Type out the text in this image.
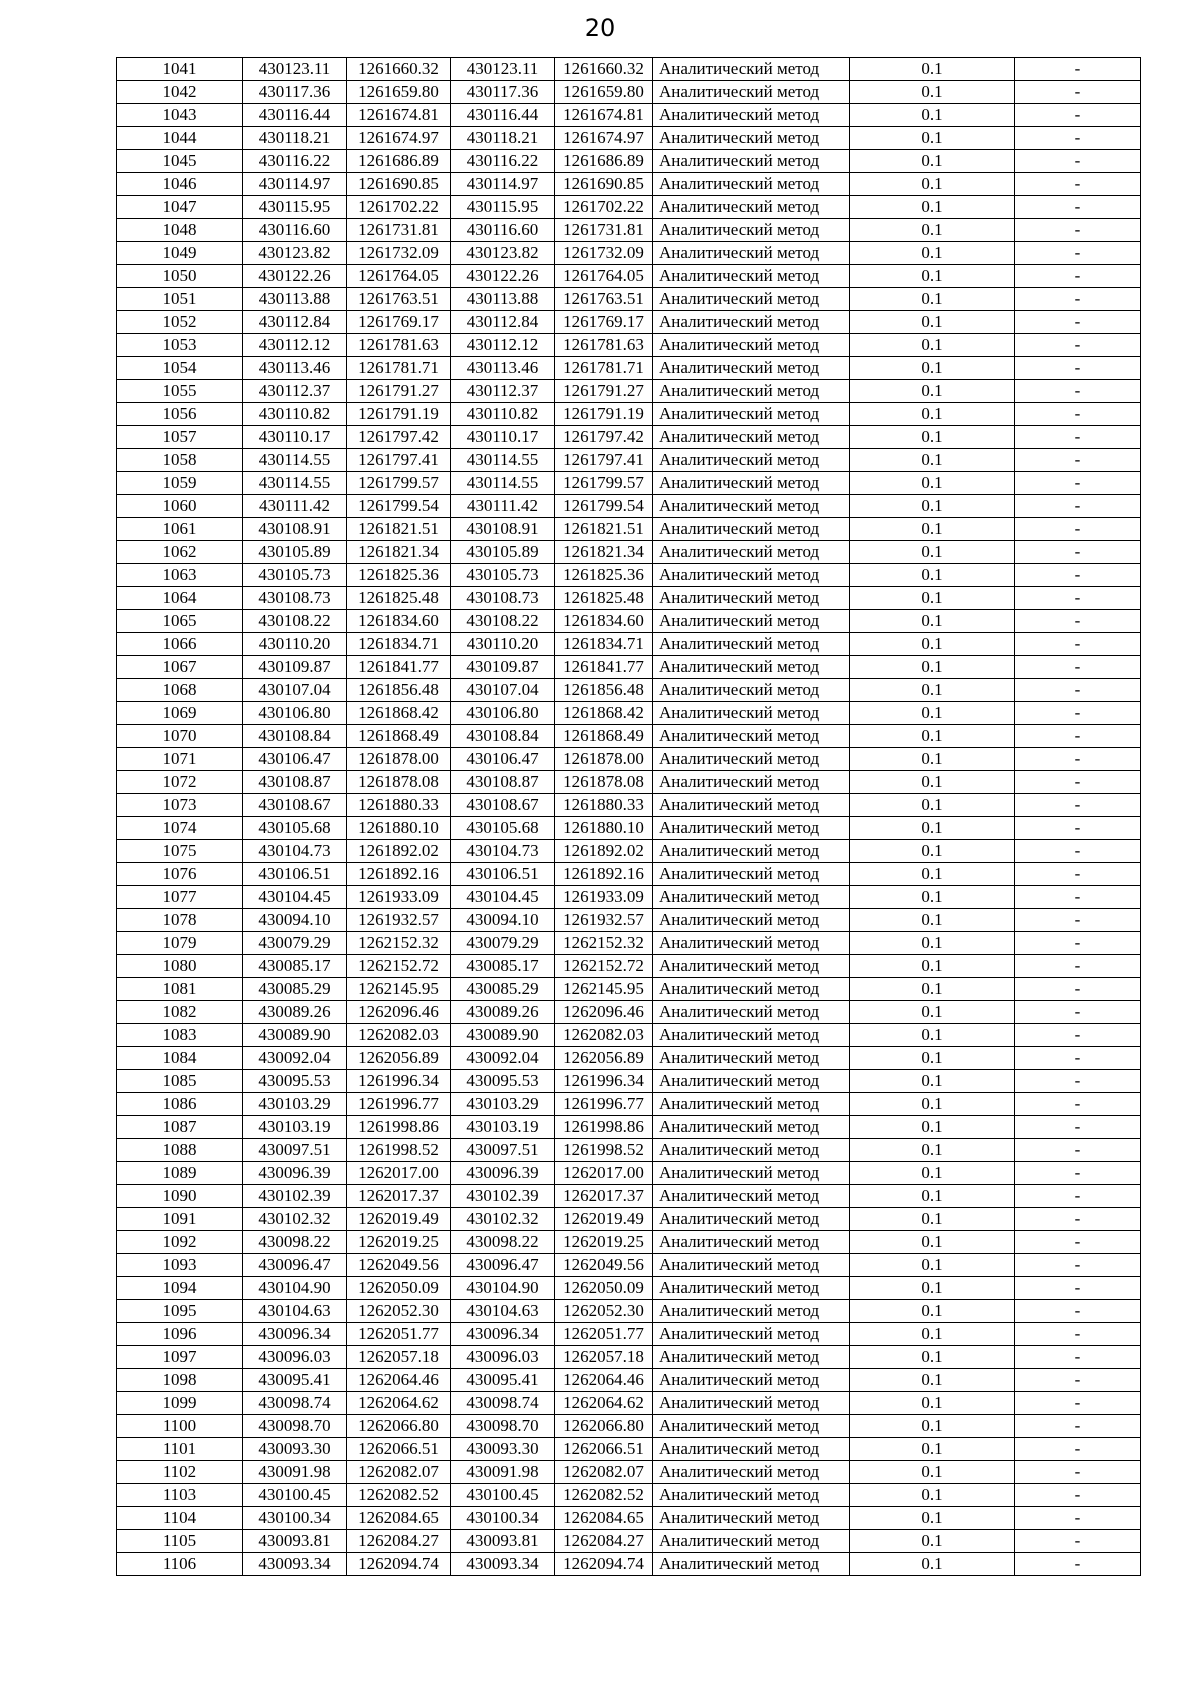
20
1041	430123.11	1261660.32	430123.11	1261660.32	Аналитический метод	0.1	-
1042	430117.36	1261659.80	430117.36	1261659.80	Аналитический метод	0.1	-
1043	430116.44	1261674.81	430116.44	1261674.81	Аналитический метод	0.1	-
1044	430118.21	1261674.97	430118.21	1261674.97	Аналитический метод	0.1	-
1045	430116.22	1261686.89	430116.22	1261686.89	Аналитический метод	0.1	-
1046	430114.97	1261690.85	430114.97	1261690.85	Аналитический метод	0.1	-
1047	430115.95	1261702.22	430115.95	1261702.22	Аналитический метод	0.1	-
1048	430116.60	1261731.81	430116.60	1261731.81	Аналитический метод	0.1	-
1049	430123.82	1261732.09	430123.82	1261732.09	Аналитический метод	0.1	-
1050	430122.26	1261764.05	430122.26	1261764.05	Аналитический метод	0.1	-
1051	430113.88	1261763.51	430113.88	1261763.51	Аналитический метод	0.1	-
1052	430112.84	1261769.17	430112.84	1261769.17	Аналитический метод	0.1	-
1053	430112.12	1261781.63	430112.12	1261781.63	Аналитический метод	0.1	-
1054	430113.46	1261781.71	430113.46	1261781.71	Аналитический метод	0.1	-
1055	430112.37	1261791.27	430112.37	1261791.27	Аналитический метод	0.1	-
1056	430110.82	1261791.19	430110.82	1261791.19	Аналитический метод	0.1	-
1057	430110.17	1261797.42	430110.17	1261797.42	Аналитический метод	0.1	-
1058	430114.55	1261797.41	430114.55	1261797.41	Аналитический метод	0.1	-
1059	430114.55	1261799.57	430114.55	1261799.57	Аналитический метод	0.1	-
1060	430111.42	1261799.54	430111.42	1261799.54	Аналитический метод	0.1	-
1061	430108.91	1261821.51	430108.91	1261821.51	Аналитический метод	0.1	-
1062	430105.89	1261821.34	430105.89	1261821.34	Аналитический метод	0.1	-
1063	430105.73	1261825.36	430105.73	1261825.36	Аналитический метод	0.1	-
1064	430108.73	1261825.48	430108.73	1261825.48	Аналитический метод	0.1	-
1065	430108.22	1261834.60	430108.22	1261834.60	Аналитический метод	0.1	-
1066	430110.20	1261834.71	430110.20	1261834.71	Аналитический метод	0.1	-
1067	430109.87	1261841.77	430109.87	1261841.77	Аналитический метод	0.1	-
1068	430107.04	1261856.48	430107.04	1261856.48	Аналитический метод	0.1	-
1069	430106.80	1261868.42	430106.80	1261868.42	Аналитический метод	0.1	-
1070	430108.84	1261868.49	430108.84	1261868.49	Аналитический метод	0.1	-
1071	430106.47	1261878.00	430106.47	1261878.00	Аналитический метод	0.1	-
1072	430108.87	1261878.08	430108.87	1261878.08	Аналитический метод	0.1	-
1073	430108.67	1261880.33	430108.67	1261880.33	Аналитический метод	0.1	-
1074	430105.68	1261880.10	430105.68	1261880.10	Аналитический метод	0.1	-
1075	430104.73	1261892.02	430104.73	1261892.02	Аналитический метод	0.1	-
1076	430106.51	1261892.16	430106.51	1261892.16	Аналитический метод	0.1	-
1077	430104.45	1261933.09	430104.45	1261933.09	Аналитический метод	0.1	-
1078	430094.10	1261932.57	430094.10	1261932.57	Аналитический метод	0.1	-
1079	430079.29	1262152.32	430079.29	1262152.32	Аналитический метод	0.1	-
1080	430085.17	1262152.72	430085.17	1262152.72	Аналитический метод	0.1	-
1081	430085.29	1262145.95	430085.29	1262145.95	Аналитический метод	0.1	-
1082	430089.26	1262096.46	430089.26	1262096.46	Аналитический метод	0.1	-
1083	430089.90	1262082.03	430089.90	1262082.03	Аналитический метод	0.1	-
1084	430092.04	1262056.89	430092.04	1262056.89	Аналитический метод	0.1	-
1085	430095.53	1261996.34	430095.53	1261996.34	Аналитический метод	0.1	-
1086	430103.29	1261996.77	430103.29	1261996.77	Аналитический метод	0.1	-
1087	430103.19	1261998.86	430103.19	1261998.86	Аналитический метод	0.1	-
1088	430097.51	1261998.52	430097.51	1261998.52	Аналитический метод	0.1	-
1089	430096.39	1262017.00	430096.39	1262017.00	Аналитический метод	0.1	-
1090	430102.39	1262017.37	430102.39	1262017.37	Аналитический метод	0.1	-
1091	430102.32	1262019.49	430102.32	1262019.49	Аналитический метод	0.1	-
1092	430098.22	1262019.25	430098.22	1262019.25	Аналитический метод	0.1	-
1093	430096.47	1262049.56	430096.47	1262049.56	Аналитический метод	0.1	-
1094	430104.90	1262050.09	430104.90	1262050.09	Аналитический метод	0.1	-
1095	430104.63	1262052.30	430104.63	1262052.30	Аналитический метод	0.1	-
1096	430096.34	1262051.77	430096.34	1262051.77	Аналитический метод	0.1	-
1097	430096.03	1262057.18	430096.03	1262057.18	Аналитический метод	0.1	-
1098	430095.41	1262064.46	430095.41	1262064.46	Аналитический метод	0.1	-
1099	430098.74	1262064.62	430098.74	1262064.62	Аналитический метод	0.1	-
1100	430098.70	1262066.80	430098.70	1262066.80	Аналитический метод	0.1	-
1101	430093.30	1262066.51	430093.30	1262066.51	Аналитический метод	0.1	-
1102	430091.98	1262082.07	430091.98	1262082.07	Аналитический метод	0.1	-
1103	430100.45	1262082.52	430100.45	1262082.52	Аналитический метод	0.1	-
1104	430100.34	1262084.65	430100.34	1262084.65	Аналитический метод	0.1	-
1105	430093.81	1262084.27	430093.81	1262084.27	Аналитический метод	0.1	-
1106	430093.34	1262094.74	430093.34	1262094.74	Аналитический метод	0.1	-
